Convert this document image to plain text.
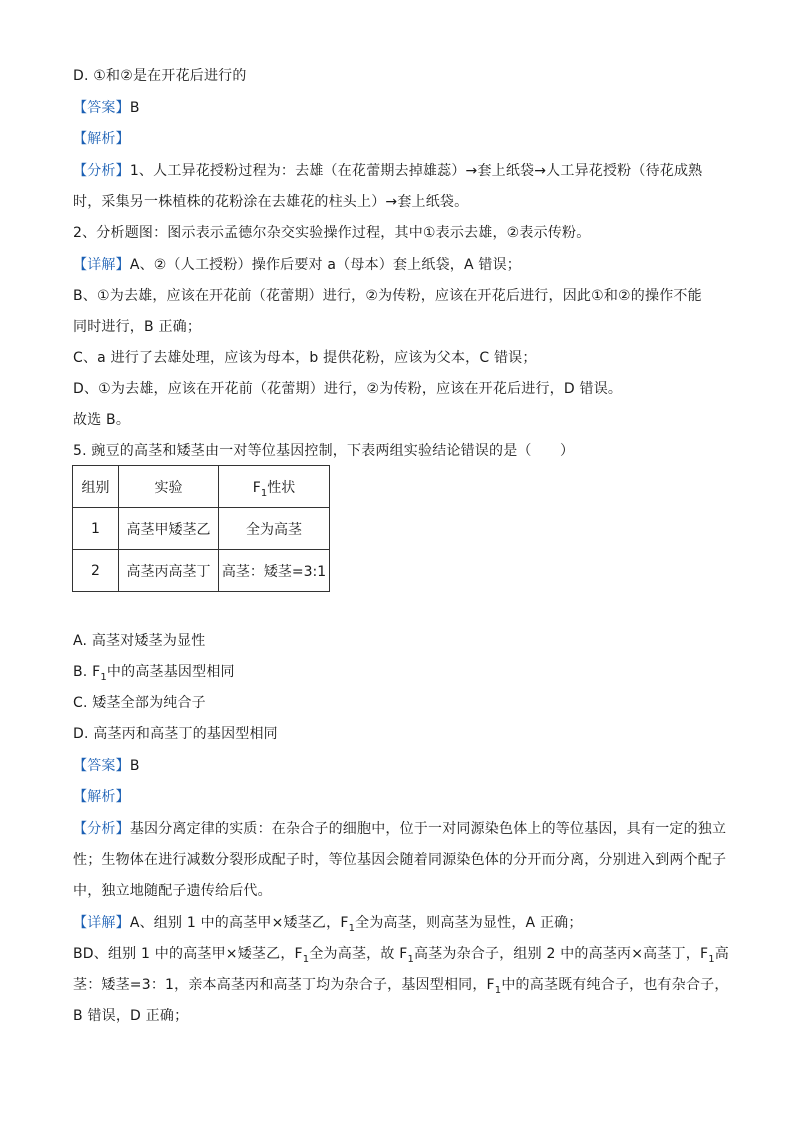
D. ①和②是在开花后进行的
【答案】B
【解析】
【分析】1、人工异花授粉过程为：去雄（在花蕾期去掉雄蕊）→套上纸袋→人工异花授粉（待花成熟
时，采集另一株植株的花粉涂在去雄花的柱头上）→套上纸袋。
2、分析题图：图示表示孟德尔杂交实验操作过程，其中①表示去雄，②表示传粉。
【详解】A、②（人工授粉）操作后要对 a（母本）套上纸袋，A 错误；
B、①为去雄，应该在开花前（花蕾期）进行，②为传粉，应该在开花后进行，因此①和②的操作不能
同时进行，B 正确；
C、a 进行了去雄处理，应该为母本，b 提供花粉，应该为父本，C 错误；
D、①为去雄，应该在开花前（花蕾期）进行，②为传粉，应该在开花后进行，D 错误。
故选 B。
5. 豌豆的高茎和矮茎由一对等位基因控制，下表两组实验结论错误的是（　　）
组别	实验	$F_1$性状
1	高茎甲矮茎乙	全为高茎
2	高茎丙高茎丁	高茎：矮茎=3:1
A. 高茎对矮茎为显性
B. $F_1$中的高茎基因型相同
C. 矮茎全部为纯合子
D. 高茎丙和高茎丁的基因型相同
【答案】B
【解析】
【分析】基因分离定律的实质：在杂合子的细胞中，位于一对同源染色体上的等位基因，具有一定的独立
性；生物体在进行减数分裂形成配子时，等位基因会随着同源染色体的分开而分离，分别进入到两个配子
中，独立地随配子遗传给后代。
【详解】A、组别 1 中的高茎甲×矮茎乙，$F_1$全为高茎，则高茎为显性，A 正确；
BD、组别 1 中的高茎甲×矮茎乙，$F_1$全为高茎，故 $F_1$高茎为杂合子，组别 2 中的高茎丙×高茎丁，$F_1$高
茎：矮茎=3：1，亲本高茎丙和高茎丁均为杂合子，基因型相同，$F_1$中的高茎既有纯合子，也有杂合子，
B 错误，D 正确；
